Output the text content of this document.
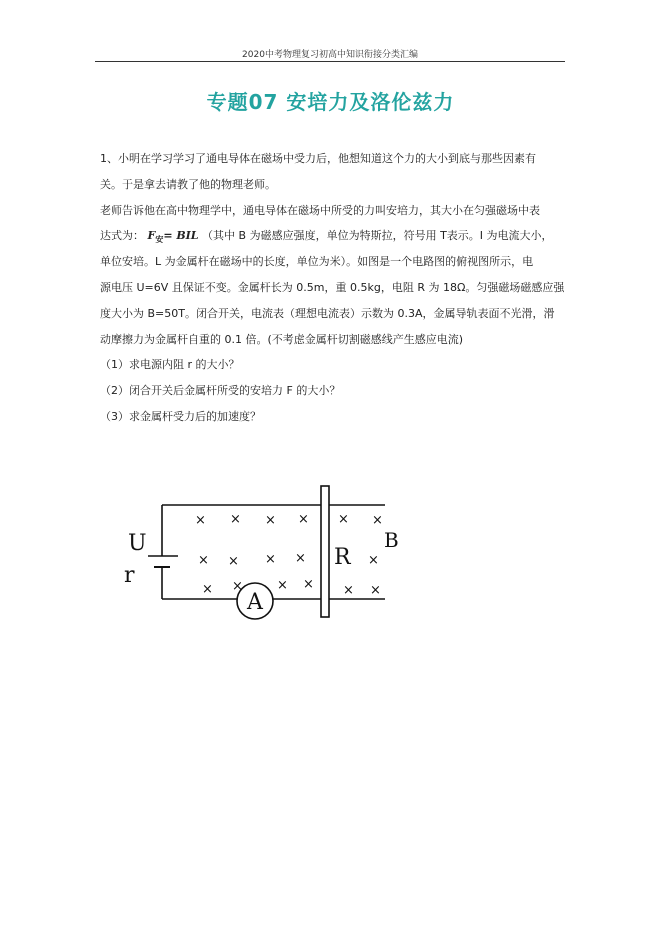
2020中考物理复习初高中知识衔接分类汇编
专题07 安培力及洛伦兹力
1、小明在学习学习了通电导体在磁场中受力后，他想知道这个力的大小到底与那些因素有
关。于是拿去请教了他的物理老师。
老师告诉他在高中物理学中，通电导体在磁场中所受的力叫安培力，其大小在匀强磁场中表
达式为： $F_安=$ BIL （其中 B 为磁感应强度，单位为特斯拉，符号用 T表示。I 为电流大小，
单位安培。L 为金属杆在磁场中的长度，单位为米）。如图是一个电路图的俯视图所示，电
源电压 U=6V 且保证不变。金属杆长为 0.5m，重 0.5kg，电阻 R 为 18Ω。匀强磁场磁感应强
度大小为 B=50T。闭合开关，电流表（理想电流表）示数为 0.3A，金属导轨表面不光滑，滑
动摩擦力为金属杆自重的 0.1 倍。(不考虑金属杆切割磁感线产生感应电流)
（1）求电源内阻 r 的大小？
（2）闭合开关后金属杆所受的安培力 F 的大小？
（3）求金属杆受力后的加速度？
U
r
A
R
B
× × × × × ×
× × × ×	×
× ×	× × × ×
